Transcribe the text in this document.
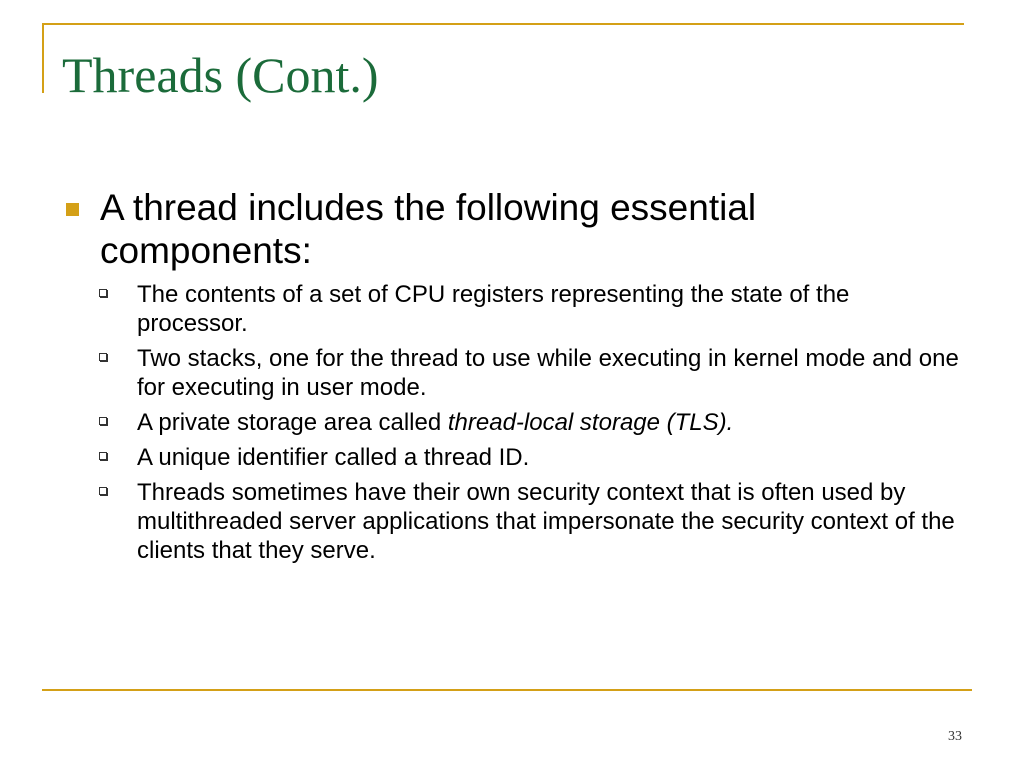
Threads (Cont.)

A thread includes the following essential components:

The contents of a set of CPU registers representing the state of the processor.
Two stacks, one for the thread to use while executing in kernel mode and one for executing in user mode.
A private storage area called thread-local storage (TLS).
A unique identifier called a thread ID.
Threads sometimes have their own security context that is often used by multithreaded server applications that impersonate the security context of the clients that they serve.
33
